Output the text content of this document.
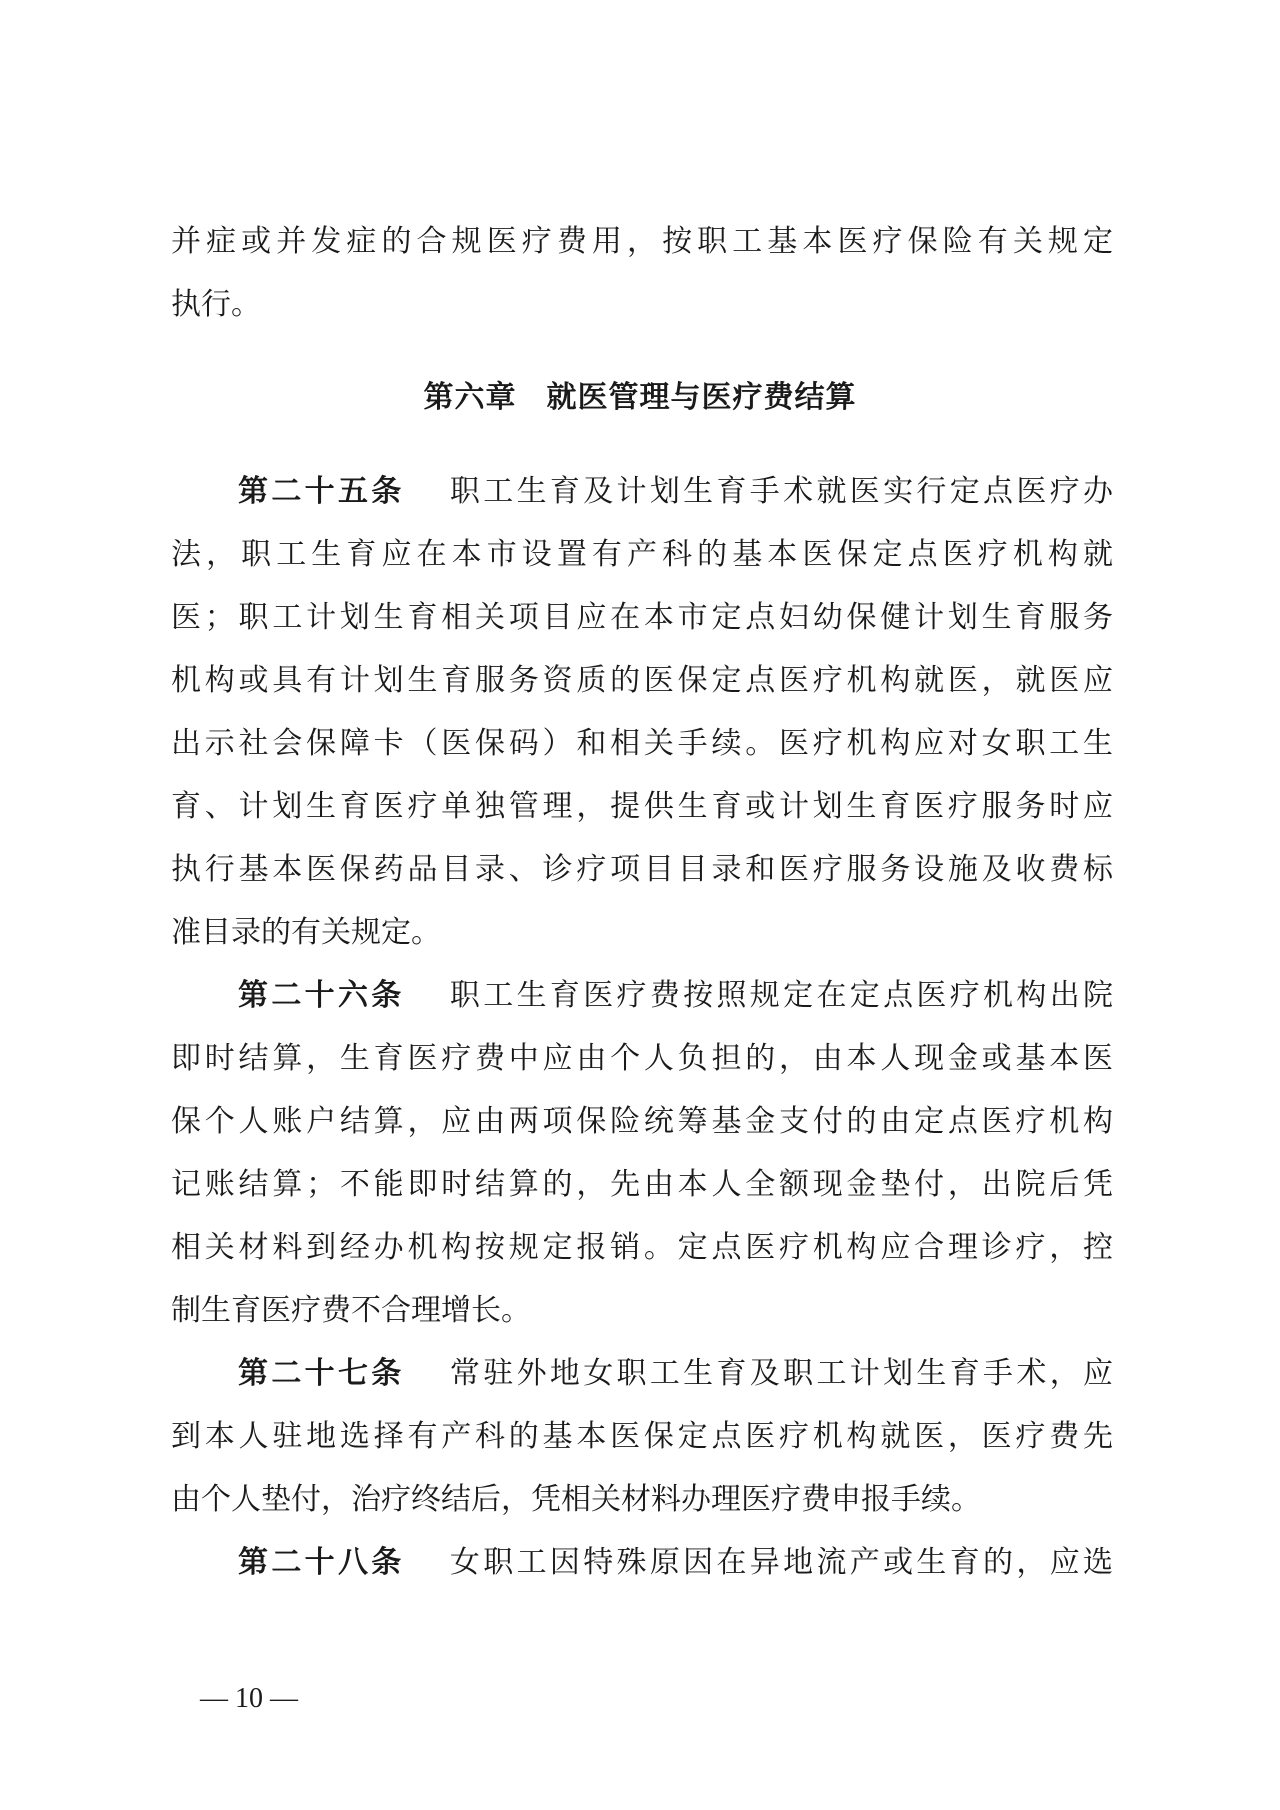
并症或并发症的合规医疗费用，按职工基本医疗保险有关规定
执行。
第六章 就医管理与医疗费结算
第二十五条 职工生育及计划生育手术就医实行定点医疗办
法，职工生育应在本市设置有产科的基本医保定点医疗机构就
医；职工计划生育相关项目应在本市定点妇幼保健计划生育服务
机构或具有计划生育服务资质的医保定点医疗机构就医，就医应
出示社会保障卡（医保码）和相关手续。医疗机构应对女职工生
育、计划生育医疗单独管理，提供生育或计划生育医疗服务时应
执行基本医保药品目录、诊疗项目目录和医疗服务设施及收费标
准目录的有关规定。
第二十六条 职工生育医疗费按照规定在定点医疗机构出院
即时结算，生育医疗费中应由个人负担的，由本人现金或基本医
保个人账户结算，应由两项保险统筹基金支付的由定点医疗机构
记账结算；不能即时结算的，先由本人全额现金垫付，出院后凭
相关材料到经办机构按规定报销。定点医疗机构应合理诊疗，控
制生育医疗费不合理增长。
第二十七条 常驻外地女职工生育及职工计划生育手术，应
到本人驻地选择有产科的基本医保定点医疗机构就医，医疗费先
由个人垫付，治疗终结后，凭相关材料办理医疗费申报手续。
第二十八条 女职工因特殊原因在异地流产或生育的，应选
— 10 —
